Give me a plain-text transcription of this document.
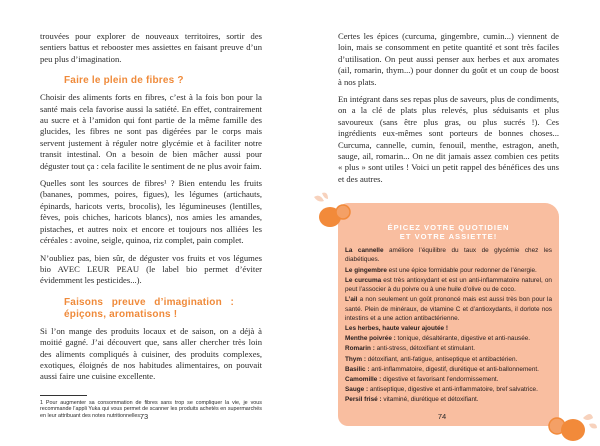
trouvées pour explorer de nouveaux territoires, sortir des sentiers battus et rebooster mes assiettes en faisant preuve d’un peu plus d’imagination.

Faire le plein de fibres ?

Choisir des aliments forts en fibres, c’est à la fois bon pour la santé mais cela favorise aussi la satiété. En effet, contrairement au sucre et à l’amidon qui font partie de la même famille des glucides, les fibres ne sont pas digérées par le corps mais servent justement à réguler notre glycémie et à faciliter notre transit intestinal. On a besoin de bien mâcher aussi pour déguster tout ça : cela facilite le sentiment de ne plus avoir faim.

Quelles sont les sources de fibres¹ ? Bien entendu les fruits (bananes, pommes, poires, figues), les légumes (artichauts, épinards, haricots verts, brocolis), les légumineuses (lentilles, fèves, pois chiches, haricots blancs), nos amies les amandes, pistaches, et autres noix et encore et toujours nos alliées les céréales : avoine, seigle, quinoa, riz complet, pain complet.

N’oubliez pas, bien sûr, de déguster vos fruits et vos légumes bio AVEC LEUR PEAU (le label bio permet d’éviter évidemment les pesticides...).

Faisons preuve d’imagination : épiçons, aromatisons !

Si l’on mange des produits locaux et de saison, on a déjà à moitié gagné. J’ai découvert que, sans aller chercher très loin des aliments compliqués à cuisiner, des produits complexes, exotiques, éloignés de nos habitudes alimentaires, on pouvait aussi faire une cuisine excellente.

1 Pour augmenter sa consommation de fibres sans trop se compliquer la vie, je vous recommande l’appli Yuka qui vous permet de scanner les produits achetés en supermarchés en leur attribuant des notes nutritionnelles.
73

Certes les épices (curcuma, gingembre, cumin...) viennent de loin, mais se consomment en petite quantité et sont très faciles d’utilisation. On peut aussi penser aux herbes et aux aromates (ail, romarin, thym...) pour donner du goût et un coup de boost à nos plats.

En intégrant dans ses repas plus de saveurs, plus de condiments, on a la clé de plats plus relevés, plus séduisants et plus savoureux (sans être plus gras, ou plus sucrés !). Ces ingrédients eux-mêmes sont porteurs de bonnes choses... Curcuma, cannelle, cumin, fenouil, menthe, estragon, aneth, sauge, ail, romarin... On ne dit jamais assez combien ces petits « plus » sont utiles ! Voici un petit rappel des bénéfices des uns et des autres.

ÉPICEZ VOTRE QUOTIDIEN
ET VOTRE ASSIETTE!
La cannelle améliore l’équilibre du taux de glycémie chez les diabétiques.
Le gingembre est une épice formidable pour redonner de l’énergie.
Le curcuma est très antioxydant et est un anti-inflammatoire naturel, on peut l’associer à du poivre ou à une huile d’olive ou de coco.
L’ail a non seulement un goût prononcé mais est aussi très bon pour la santé. Plein de minéraux, de vitamine C et d’antioxydants, il dorlote nos intestins et a une action antibactérienne.
Les herbes, haute valeur ajoutée !
Menthe poivrée : tonique, désaltérante, digestive et anti-nausée.
Romarin : anti-stress, détoxifiant et stimulant.
Thym : détoxifiant, anti-fatigue, antiseptique et antibactérien.
Basilic : anti-inflammatoire, digestif, diurétique et anti-ballonnement.
Camomille : digestive et favorisant l’endormissement.
Sauge : antiseptique, digestive et anti-inflammatoire, bref salvatrice.
Persil frisé : vitaminé, diurétique et détoxifiant.
74
